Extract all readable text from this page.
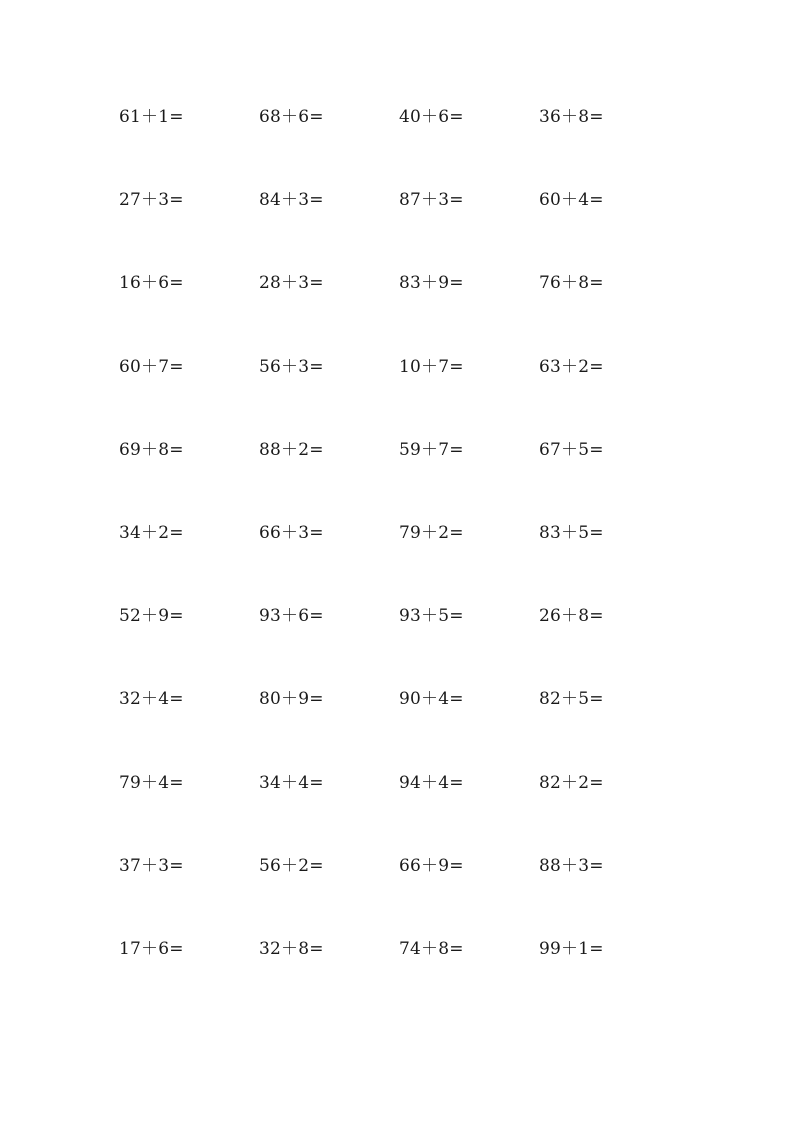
61＋1=	68＋6=	40＋6=	36＋8=
27＋3=	84＋3=	87＋3=	60＋4=
16＋6=	28＋3=	83＋9=	76＋8=
60＋7=	56＋3=	10＋7=	63＋2=
69＋8=	88＋2=	59＋7=	67＋5=
34＋2=	66＋3=	79＋2=	83＋5=
52＋9=	93＋6=	93＋5=	26＋8=
32＋4=	80＋9=	90＋4=	82＋5=
79＋4=	34＋4=	94＋4=	82＋2=
37＋3=	56＋2=	66＋9=	88＋3=
17＋6=	32＋8=	74＋8=	99＋1=
